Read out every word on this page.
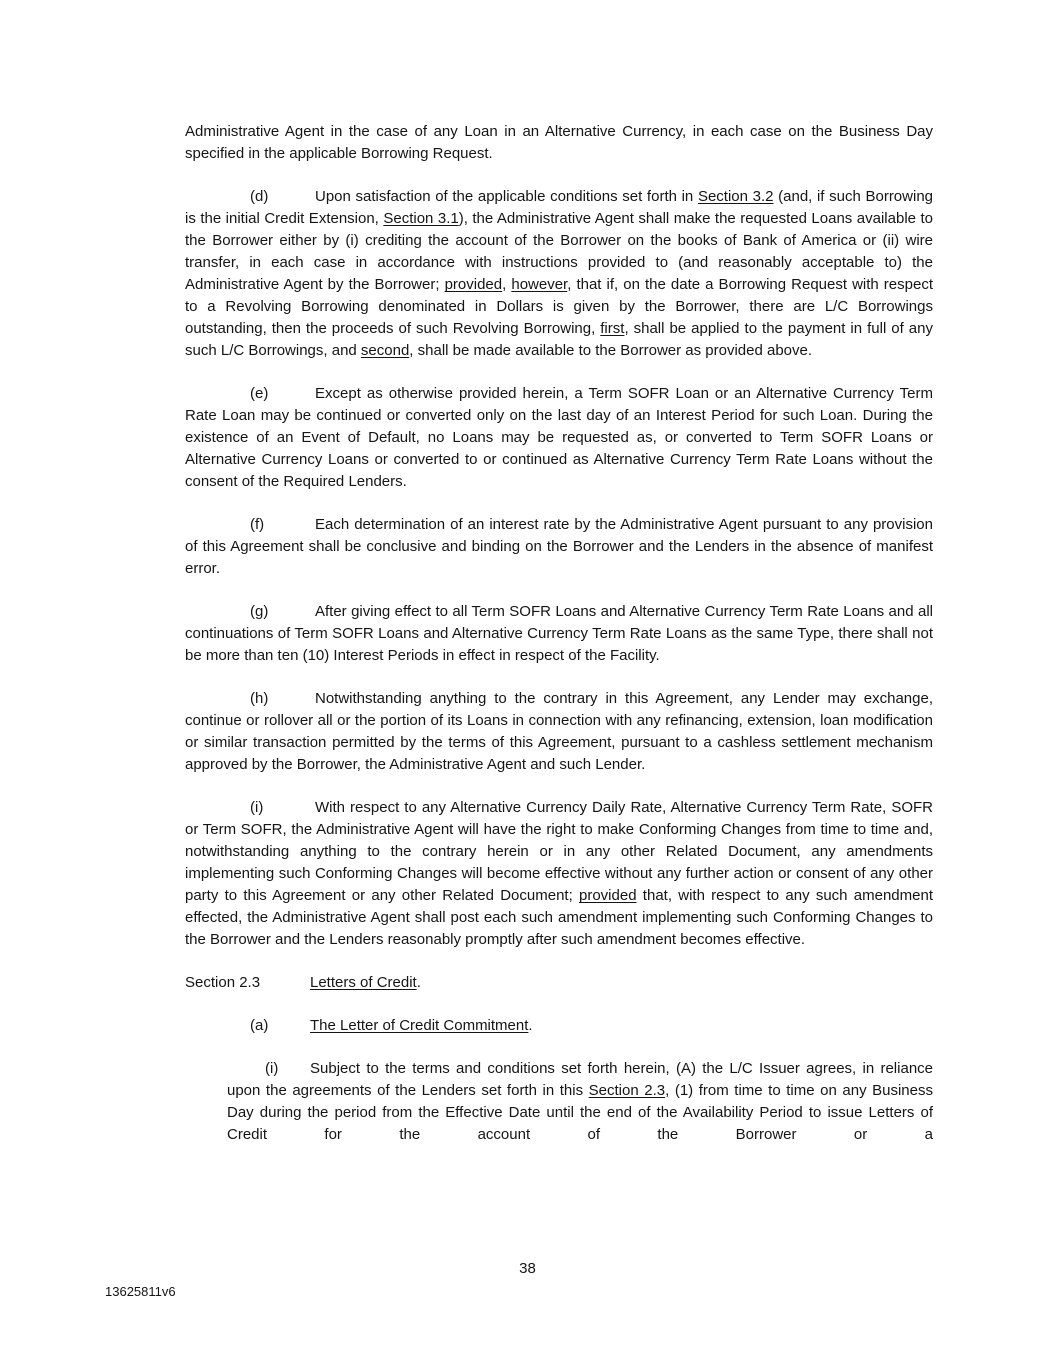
Administrative Agent in the case of any Loan in an Alternative Currency, in each case on the Business Day specified in the applicable Borrowing Request.

(d)	Upon satisfaction of the applicable conditions set forth in Section 3.2 (and, if such Borrowing is the initial Credit Extension, Section 3.1), the Administrative Agent shall make the requested Loans available to the Borrower either by (i) crediting the account of the Borrower on the books of Bank of America or (ii) wire transfer, in each case in accordance with instructions provided to (and reasonably acceptable to) the Administrative Agent by the Borrower; provided, however, that if, on the date a Borrowing Request with respect to a Revolving Borrowing denominated in Dollars is given by the Borrower, there are L/C Borrowings outstanding, then the proceeds of such Revolving Borrowing, first, shall be applied to the payment in full of any such L/C Borrowings, and second, shall be made available to the Borrower as provided above.

(e)	Except as otherwise provided herein, a Term SOFR Loan or an Alternative Currency Term Rate Loan may be continued or converted only on the last day of an Interest Period for such Loan. During the existence of an Event of Default, no Loans may be requested as, or converted to Term SOFR Loans or Alternative Currency Loans or converted to or continued as Alternative Currency Term Rate Loans without the consent of the Required Lenders.

(f)	Each determination of an interest rate by the Administrative Agent pursuant to any provision of this Agreement shall be conclusive and binding on the Borrower and the Lenders in the absence of manifest error.

(g)	After giving effect to all Term SOFR Loans and Alternative Currency Term Rate Loans and all continuations of Term SOFR Loans and Alternative Currency Term Rate Loans as the same Type, there shall not be more than ten (10) Interest Periods in effect in respect of the Facility.

(h)	Notwithstanding anything to the contrary in this Agreement, any Lender may exchange, continue or rollover all or the portion of its Loans in connection with any refinancing, extension, loan modification or similar transaction permitted by the terms of this Agreement, pursuant to a cashless settlement mechanism approved by the Borrower, the Administrative Agent and such Lender.

(i)	With respect to any Alternative Currency Daily Rate, Alternative Currency Term Rate, SOFR or Term SOFR, the Administrative Agent will have the right to make Conforming Changes from time to time and, notwithstanding anything to the contrary herein or in any other Related Document, any amendments implementing such Conforming Changes will become effective without any further action or consent of any other party to this Agreement or any other Related Document; provided that, with respect to any such amendment effected, the Administrative Agent shall post each such amendment implementing such Conforming Changes to the Borrower and the Lenders reasonably promptly after such amendment becomes effective.

Section 2.3	Letters of Credit.

(a)	The Letter of Credit Commitment.

(i) Subject to the terms and conditions set forth herein, (A) the L/C Issuer agrees, in reliance upon the agreements of the Lenders set forth in this Section 2.3, (1) from time to time on any Business Day during the period from the Effective Date until the end of the Availability Period to issue Letters of Credit for the account of the Borrower or a

38
13625811v6
